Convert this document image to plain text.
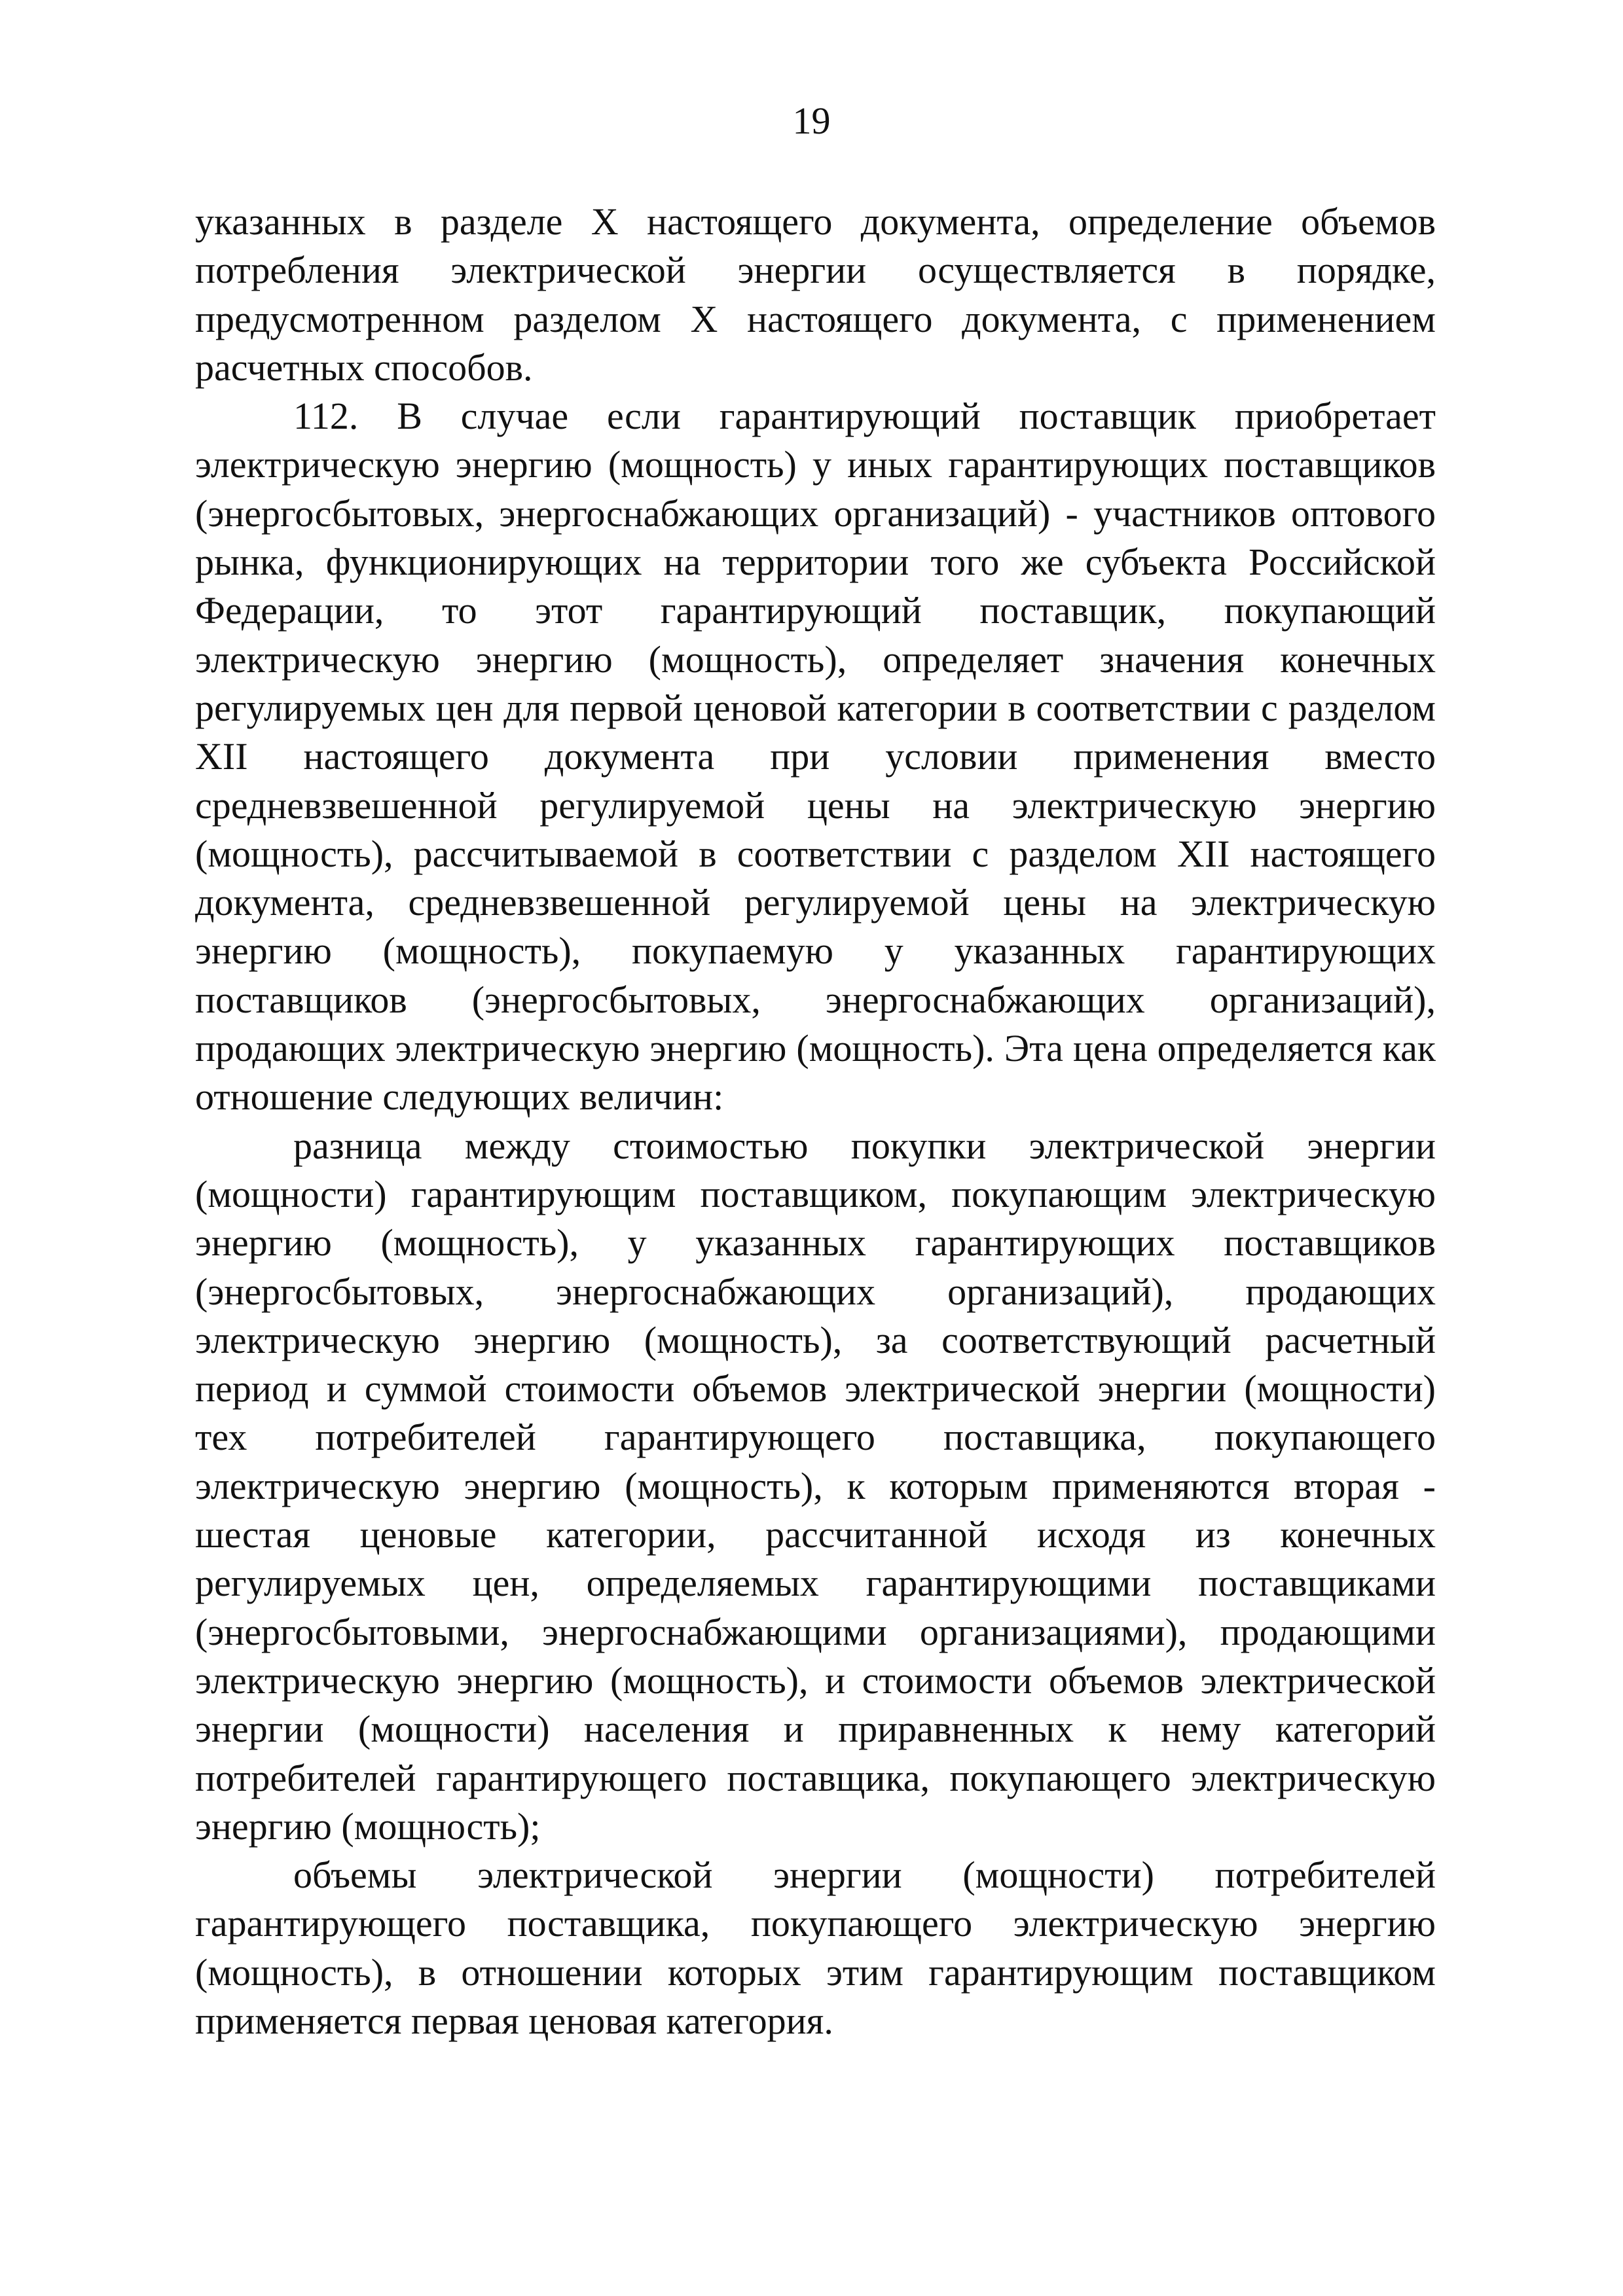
19

указанных в разделе X настоящего документа, определение объемов потребления электрической энергии осуществляется в порядке, предусмотренном разделом X настоящего документа, с применением расчетных способов.

112. В случае если гарантирующий поставщик приобретает электрическую энергию (мощность) у иных гарантирующих поставщиков (энергосбытовых, энергоснабжающих организаций) - участников оптового рынка, функционирующих на территории того же субъекта Российской Федерации, то этот гарантирующий поставщик, покупающий электрическую энергию (мощность), определяет значения конечных регулируемых цен для первой ценовой категории в соответствии с разделом XII настоящего документа при условии применения вместо средневзвешенной регулируемой цены на электрическую энергию (мощность), рассчитываемой в соответствии с разделом XII настоящего документа, средневзвешенной регулируемой цены на электрическую энергию (мощность), покупаемую у указанных гарантирующих поставщиков (энергосбытовых, энергоснабжающих организаций), продающих электрическую энергию (мощность). Эта цена определяется как отношение следующих величин:

разница между стоимостью покупки электрической энергии (мощности) гарантирующим поставщиком, покупающим электрическую энергию (мощность), у указанных гарантирующих поставщиков (энергосбытовых, энергоснабжающих организаций), продающих электрическую энергию (мощность), за соответствующий расчетный период и суммой стоимости объемов электрической энергии (мощности) тех потребителей гарантирующего поставщика, покупающего электрическую энергию (мощность), к которым применяются вторая - шестая ценовые категории, рассчитанной исходя из конечных регулируемых цен, определяемых гарантирующими поставщиками (энергосбытовыми, энергоснабжающими организациями), продающими электрическую энергию (мощность), и стоимости объемов электрической энергии (мощности) населения и приравненных к нему категорий потребителей гарантирующего поставщика, покупающего электрическую энергию (мощность);

объемы электрической энергии (мощности) потребителей гарантирующего поставщика, покупающего электрическую энергию (мощность), в отношении которых этим гарантирующим поставщиком применяется первая ценовая категория.
